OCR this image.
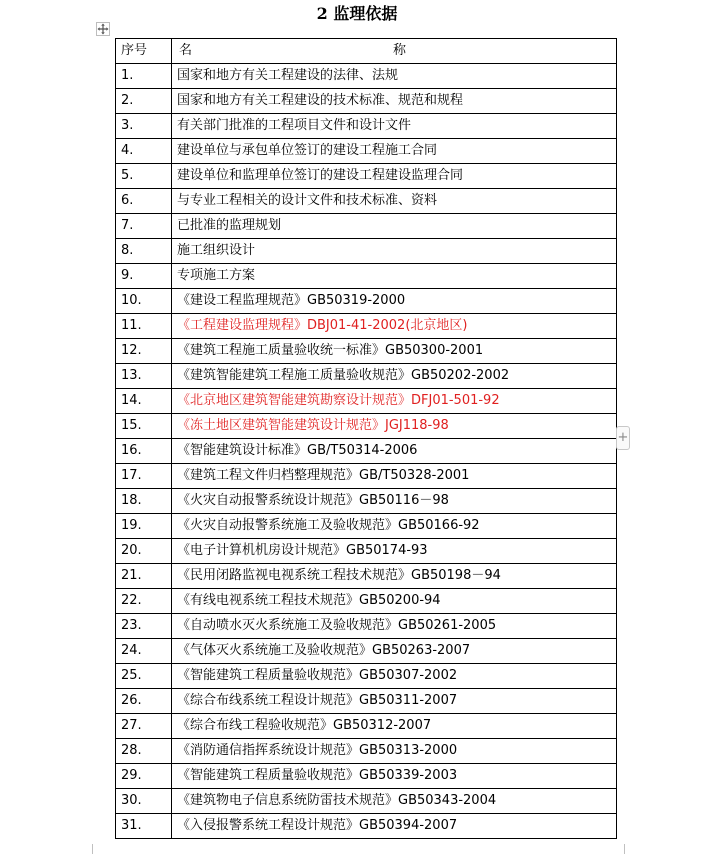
2 监理依据
序号	名 称

1.	国家和地方有关工程建设的法律、法规
2.	国家和地方有关工程建设的技术标准、规范和规程
3.	有关部门批准的工程项目文件和设计文件
4.	建设单位与承包单位签订的建设工程施工合同
5.	建设单位和监理单位签订的建设工程建设监理合同
6.	与专业工程相关的设计文件和技术标准、资料
7.	已批准的监理规划
8.	施工组织设计
9.	专项施工方案
10.	《建设工程监理规范》GB50319-2000
11.	《工程建设监理规程》DBJ01-41-2002(北京地区)
12.	《建筑工程施工质量验收统一标准》GB50300-2001
13.	《建筑智能建筑工程施工质量验收规范》GB50202-2002
14.	《北京地区建筑智能建筑勘察设计规范》DFJ01-501-92
15.	《冻土地区建筑智能建筑设计规范》JGJ118-98
16.	《智能建筑设计标准》GB/T50314-2006
17.	《建筑工程文件归档整理规范》GB/T50328-2001
18.	《火灾自动报警系统设计规范》GB50116－98
19.	《火灾自动报警系统施工及验收规范》GB50166-92
20.	《电子计算机机房设计规范》GB50174-93
21.	《民用闭路监视电视系统工程技术规范》GB50198－94
22.	《有线电视系统工程技术规范》GB50200-94
23.	《自动喷水灭火系统施工及验收规范》GB50261-2005
24.	《气体灭火系统施工及验收规范》GB50263-2007
25.	《智能建筑工程质量验收规范》GB50307-2002
26.	《综合布线系统工程设计规范》GB50311-2007
27.	《综合布线工程验收规范》GB50312-2007
28.	《消防通信指挥系统设计规范》GB50313-2000
29.	《智能建筑工程质量验收规范》GB50339-2003
30.	《建筑物电子信息系统防雷技术规范》GB50343-2004
31.	《入侵报警系统工程设计规范》GB50394-2007
+
